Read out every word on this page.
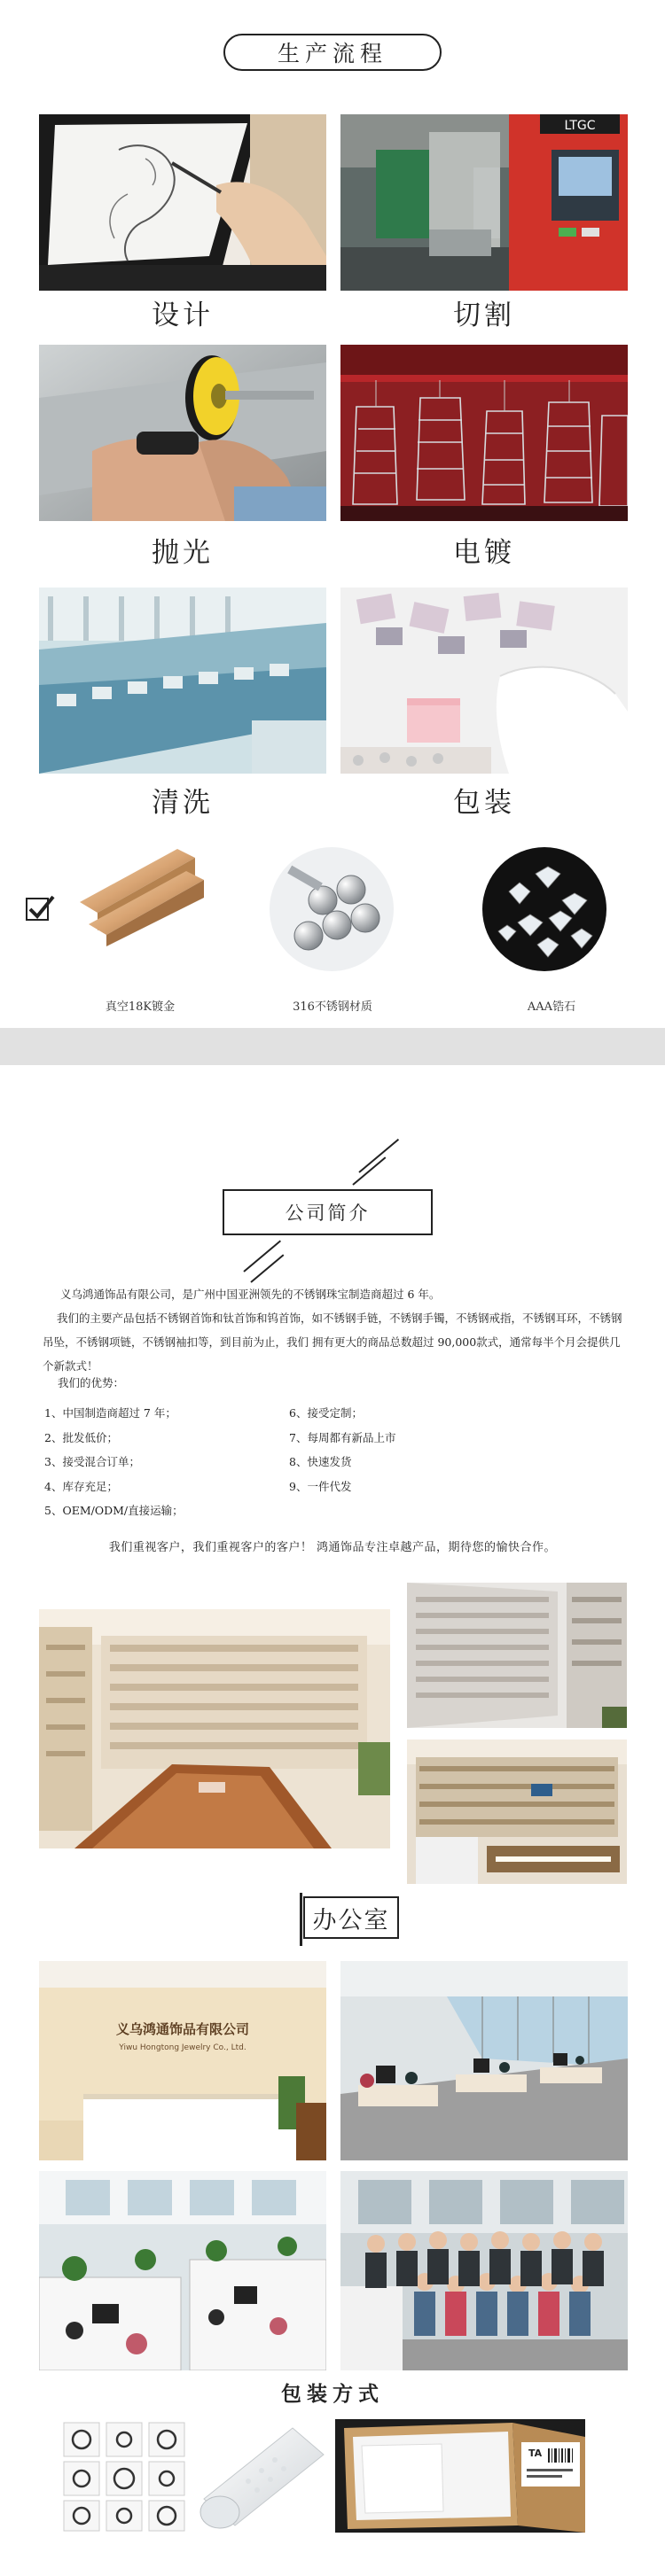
生产流程
设计
LTGC
切割
抛光	电镀
清洗	包装
真空18K镀金	316不锈钢材质	AAA锆石
公司简介
义乌鸿通饰品有限公司，是广州中国亚洲领先的不锈钢珠宝制造商超过 6 年。
我们的主要产品包括不锈钢首饰和钛首饰和钨首饰，如不锈钢手链，不锈钢手镯，不锈钢戒指，不锈钢耳环，不锈钢吊坠，不锈钢项链，不锈钢袖扣等，到目前为止，我们 拥有更大的商品总数超过 90,000款式，通常每半个月会提供几个新款式！
我们的优势：
1、中国制造商超过 7 年；
2、批发低价；
3、接受混合订单；
4、库存充足；
5、OEM/ODM/直接运输；
6、接受定制；
7、每周都有新品上市
8、快速发货
9、一件代发
我们重视客户，我们重视客户的客户！ 鸿通饰品专注卓越产品，期待您的愉快合作。
办公室
义乌鸿通饰品有限公司
Yiwu Hongtong Jewelry Co., Ltd.
包装方式
TA
